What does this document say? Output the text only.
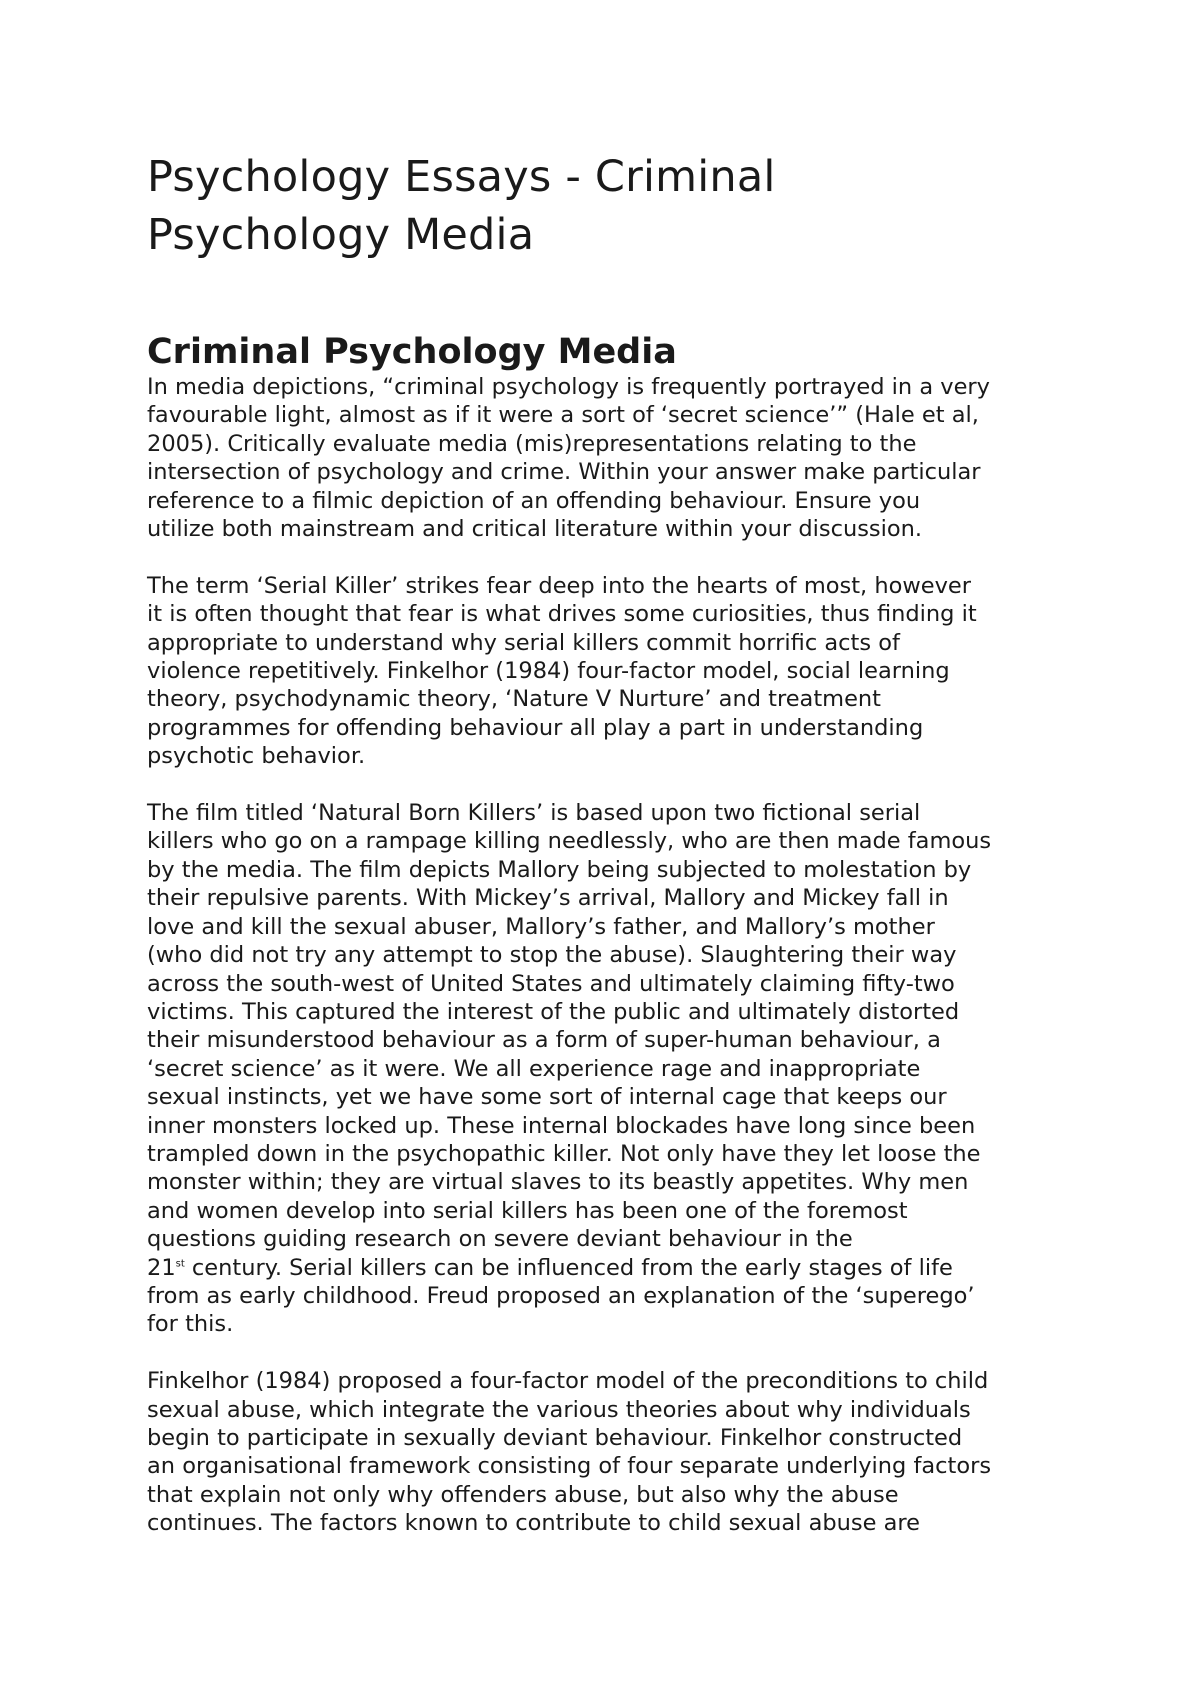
Psychology Essays - Criminal
Psychology Media
Criminal Psychology Media

In media depictions, “criminal psychology is frequently portrayed in a very
favourable light, almost as if it were a sort of ‘secret science’” (Hale et al,
2005). Critically evaluate media (mis)representations relating to the
intersection of psychology and crime. Within your answer make particular
reference to a filmic depiction of an offending behaviour. Ensure you
utilize both mainstream and critical literature within your discussion.

The term ‘Serial Killer’ strikes fear deep into the hearts of most, however
it is often thought that fear is what drives some curiosities, thus finding it
appropriate to understand why serial killers commit horrific acts of
violence repetitively. Finkelhor (1984) four-factor model, social learning
theory, psychodynamic theory, ‘Nature V Nurture’ and treatment
programmes for offending behaviour all play a part in understanding
psychotic behavior.

The film titled ‘Natural Born Killers’ is based upon two fictional serial
killers who go on a rampage killing needlessly, who are then made famous
by the media. The film depicts Mallory being subjected to molestation by
their repulsive parents. With Mickey’s arrival, Mallory and Mickey fall in
love and kill the sexual abuser, Mallory’s father, and Mallory’s mother
(who did not try any attempt to stop the abuse). Slaughtering their way
across the south-west of United States and ultimately claiming fifty-two
victims. This captured the interest of the public and ultimately distorted
their misunderstood behaviour as a form of super-human behaviour, a
‘secret science’ as it were. We all experience rage and inappropriate
sexual instincts, yet we have some sort of internal cage that keeps our
inner monsters locked up. These internal blockades have long since been
trampled down in the psychopathic killer. Not only have they let loose the
monster within; they are virtual slaves to its beastly appetites. Why men
and women develop into serial killers has been one of the foremost
questions guiding research on severe deviant behaviour in the
21st century. Serial killers can be influenced from the early stages of life
from as early childhood. Freud proposed an explanation of the ‘superego’
for this.

Finkelhor (1984) proposed a four-factor model of the preconditions to child
sexual abuse, which integrate the various theories about why individuals
begin to participate in sexually deviant behaviour. Finkelhor constructed
an organisational framework consisting of four separate underlying factors
that explain not only why offenders abuse, but also why the abuse
continues. The factors known to contribute to child sexual abuse are
